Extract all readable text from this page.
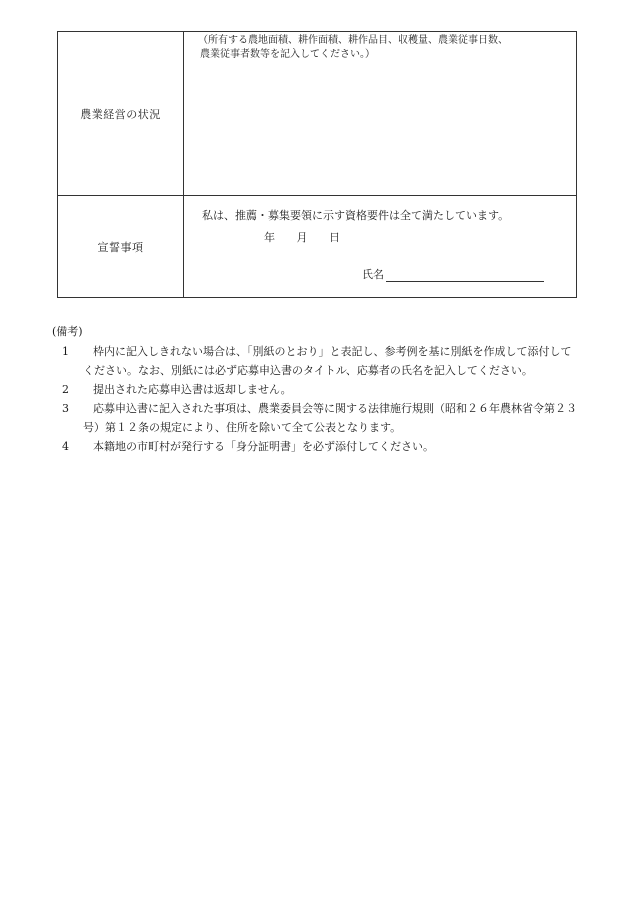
農業経営の状況	（所有する農地面積、耕作面積、耕作品目、収穫量、農業従事日数、
農業従事者数等を記入してください。）

宣誓事項	私は、推薦・募集要領に示す資格要件は全て満たしています。
年 月 日
氏名
(備考)
1	枠内に記入しきれない場合は、「別紙のとおり」と表記し、参考例を基に別紙を作成して添付してください。なお、別紙には必ず応募申込書のタイトル、応募者の氏名を記入してください。
2	提出された応募申込書は返却しません。
3	応募申込書に記入された事項は、農業委員会等に関する法律施行規則（昭和２６年農林省令第２３号）第１２条の規定により、住所を除いて全て公表となります。
4	本籍地の市町村が発行する「身分証明書」を必ず添付してください。
